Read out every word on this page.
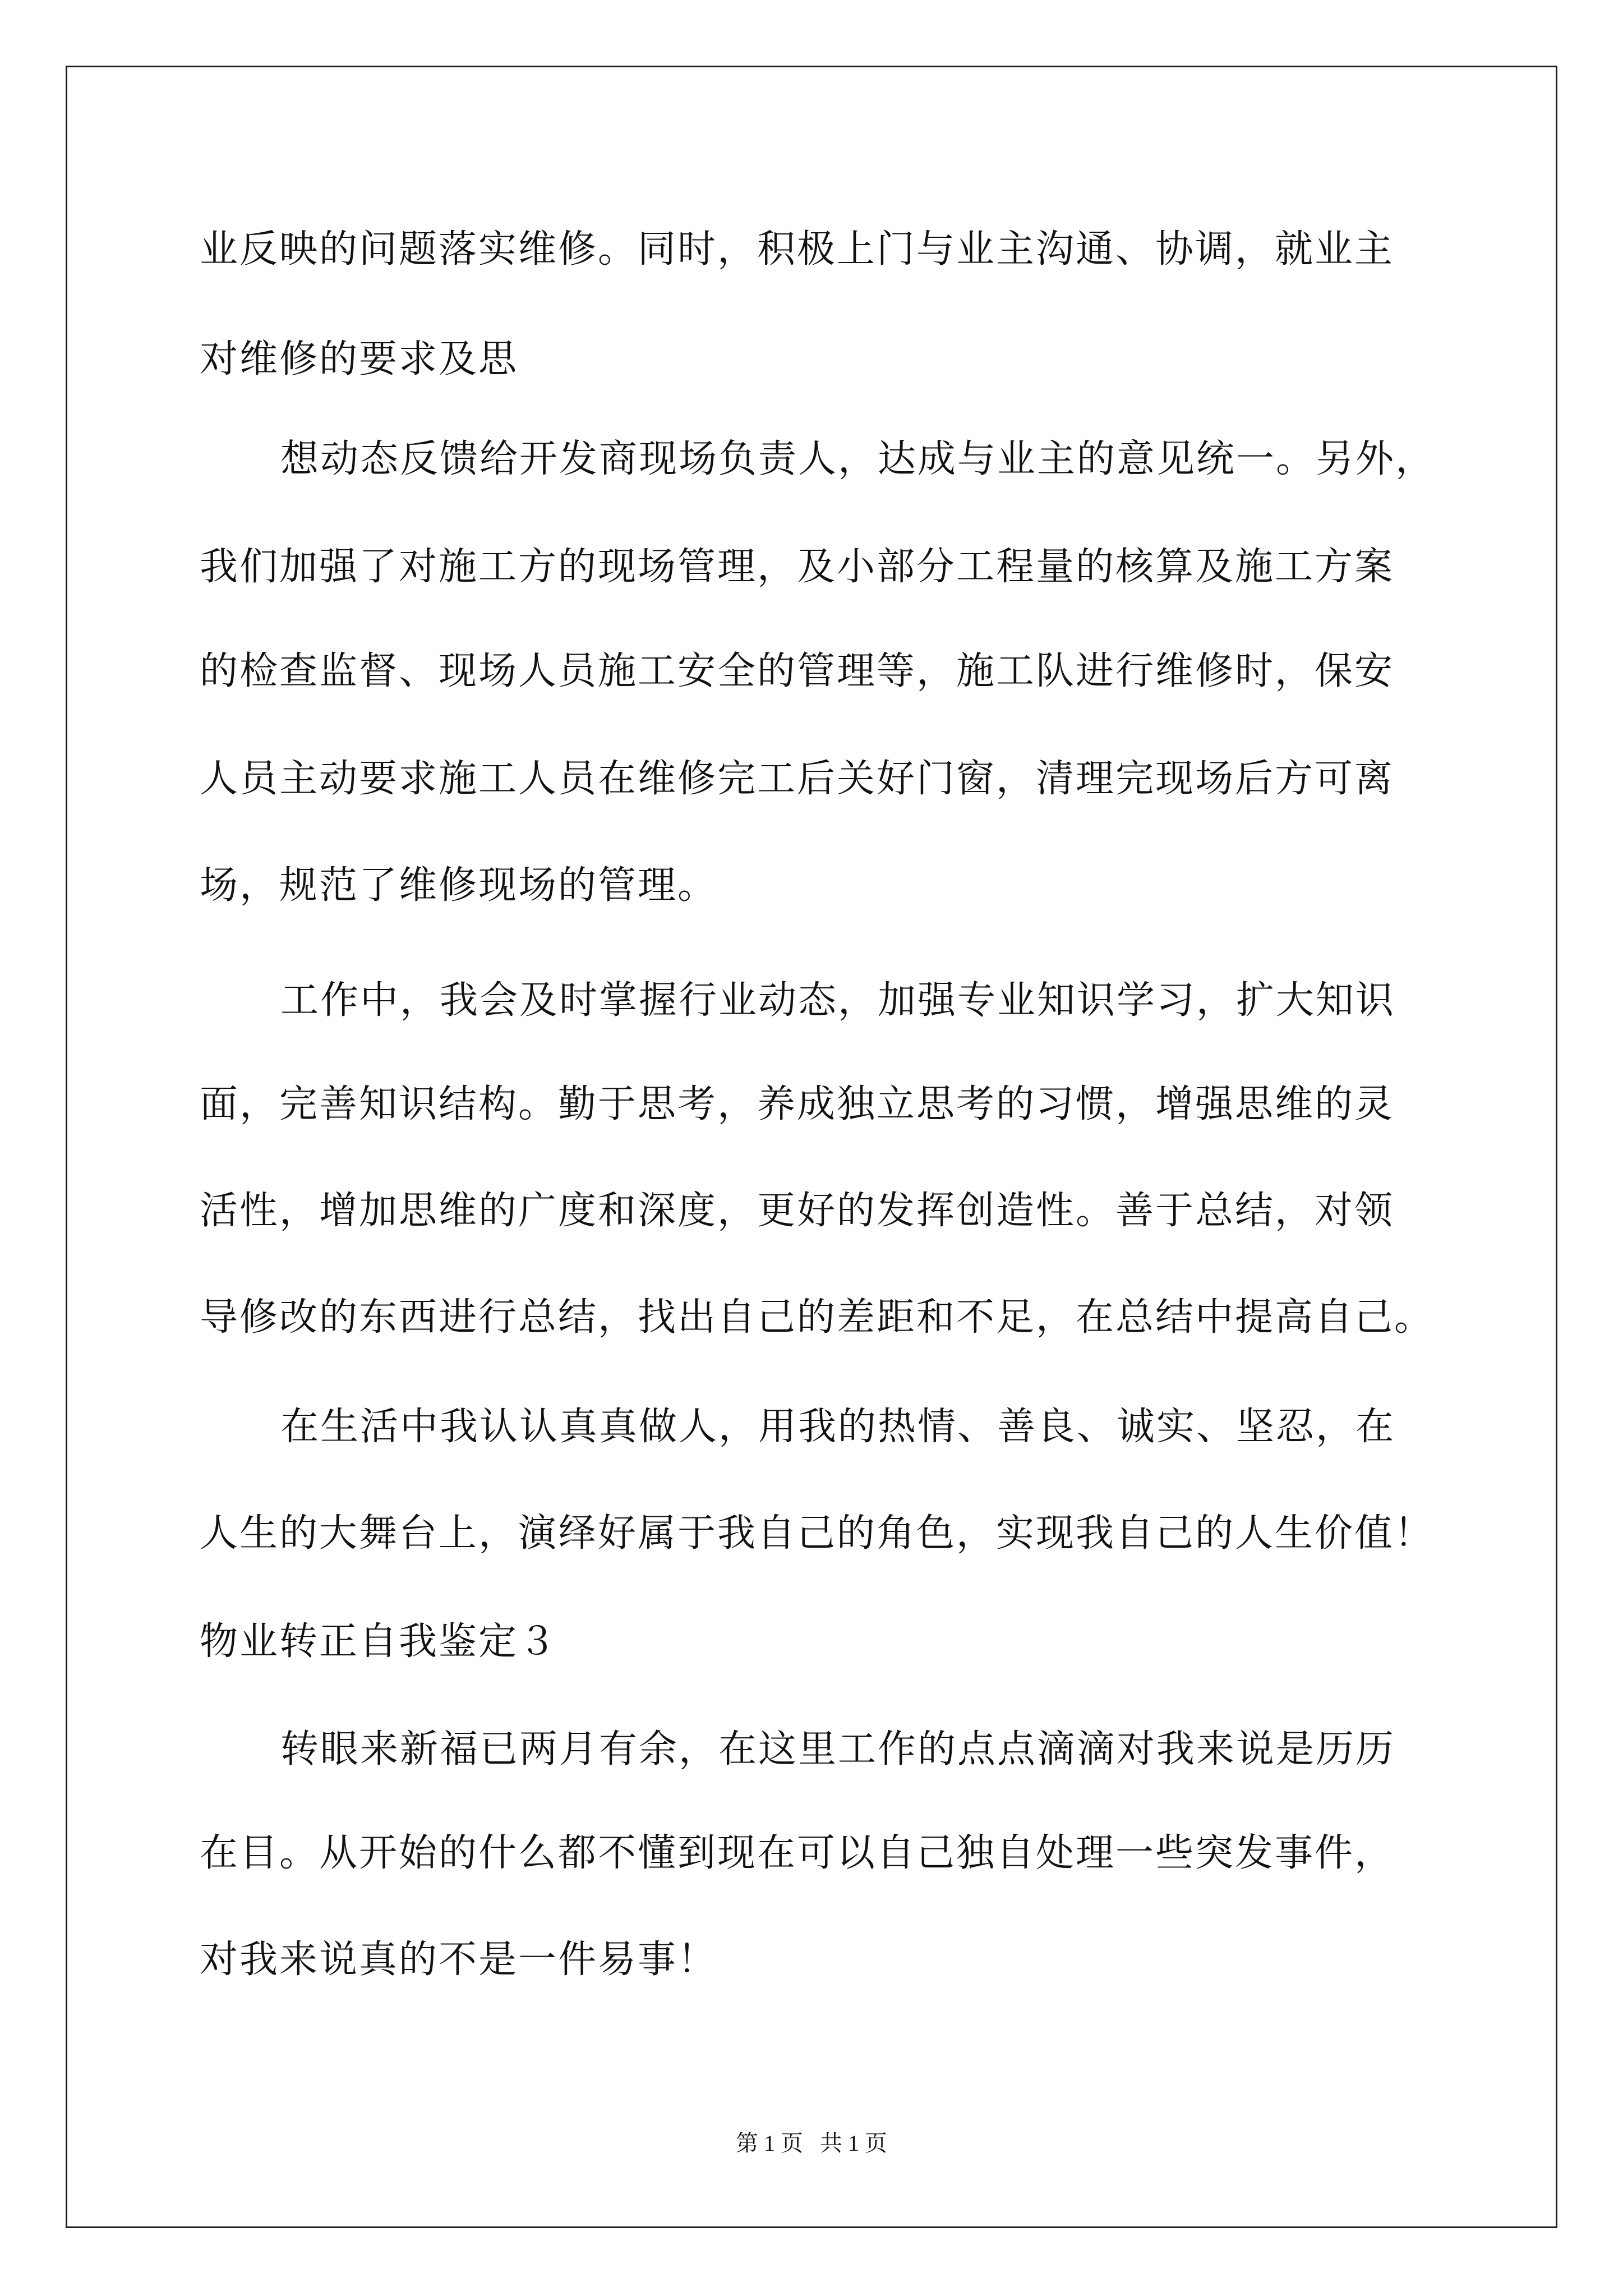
业反映的问题落实维修。同时，积极上门与业主沟通、协调，就业主
对维修的要求及思
想动态反馈给开发商现场负责人，达成与业主的意见统一。另外，
我们加强了对施工方的现场管理，及小部分工程量的核算及施工方案
的检查监督、现场人员施工安全的管理等，施工队进行维修时，保安
人员主动要求施工人员在维修完工后关好门窗，清理完现场后方可离
场，规范了维修现场的管理。
工作中，我会及时掌握行业动态，加强专业知识学习，扩大知识
面，完善知识结构。勤于思考，养成独立思考的习惯，增强思维的灵
活性，增加思维的广度和深度，更好的发挥创造性。善于总结，对领
导修改的东西进行总结，找出自己的差距和不足，在总结中提高自己。
在生活中我认认真真做人，用我的热情、善良、诚实、坚忍，在
人生的大舞台上，演绎好属于我自己的角色，实现我自己的人生价值！
物业转正自我鉴定３
转眼来新福已两月有余，在这里工作的点点滴滴对我来说是历历
在目。从开始的什么都不懂到现在可以自己独自处理一些突发事件，
对我来说真的不是一件易事！
第 1 页   共 1 页
